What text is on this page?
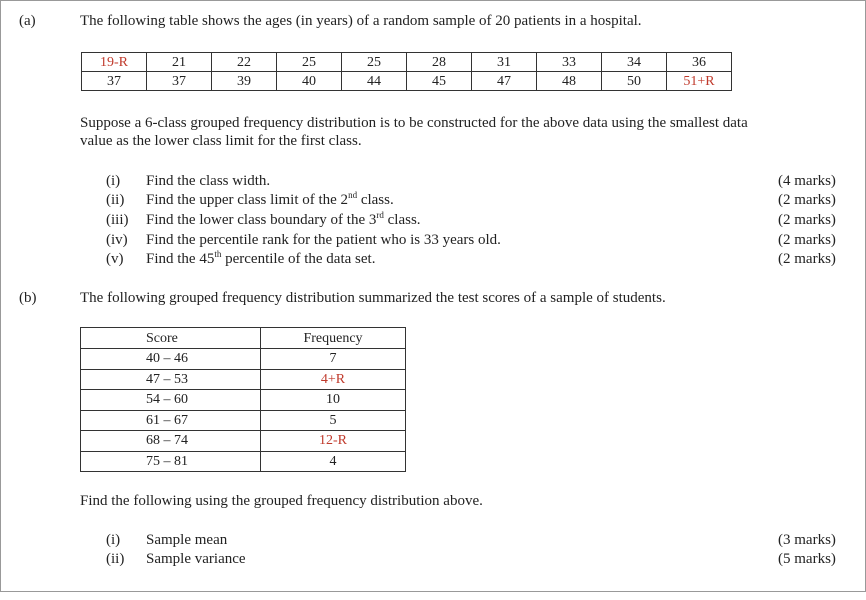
(a)	The following table shows the ages (in years) of a random sample of 20 patients in a hospital.
19-R	21	22	25	25	28	31	33	34	36
37	37	39	40	44	45	47	48	50	51+R
Suppose a 6-class grouped frequency distribution is to be constructed for the above data using the smallest data
value as the lower class limit for the first class.
(i) Find the class width.	(4 marks)
(ii) Find the upper class limit of the 2nd class.	(2 marks)
(iii) Find the lower class boundary of the 3rd class.	(2 marks)
(iv) Find the percentile rank for the patient who is 33 years old.	(2 marks)
(v) Find the 45th percentile of the data set.	(2 marks)
(b)	The following grouped frequency distribution summarized the test scores of a sample of students.
Score	Frequency
40 – 46	7
47 – 53	4+R
54 – 60	10
61 – 67	5
68 – 74	12-R
75 – 81	4
Find the following using the grouped frequency distribution above.
(i) Sample mean	(3 marks)
(ii) Sample variance	(5 marks)
